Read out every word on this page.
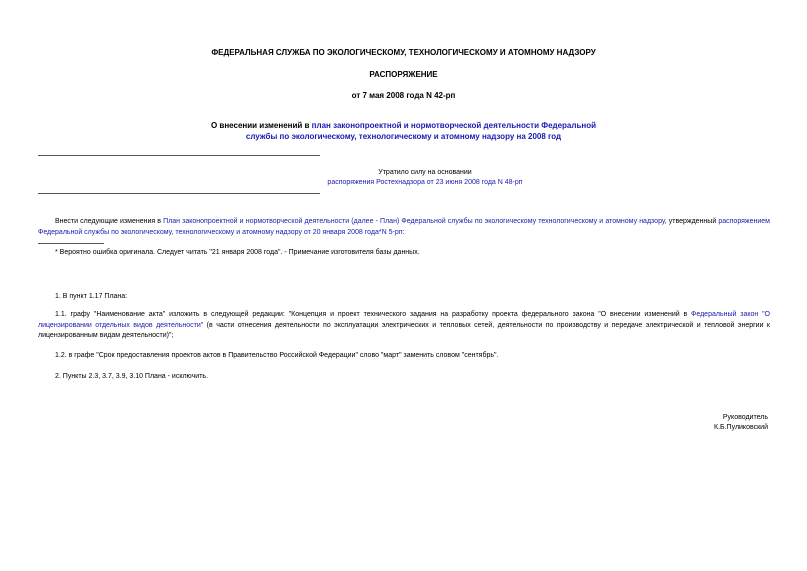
ФЕДЕРАЛЬНАЯ СЛУЖБА ПО ЭКОЛОГИЧЕСКОМУ, ТЕХНОЛОГИЧЕСКОМУ И АТОМНОМУ НАДЗОРУ
РАСПОРЯЖЕНИЕ
от 7 мая 2008 года N 42-рп
О внесении изменений в план законопроектной и нормотворческой деятельности Федеральной
службы по экологическому, технологическому и атомному надзору на 2008 год
Утратило силу на основании
распоряжения Ростехнадзора от 23 июня 2008 года N 48-рп
Внести следующие изменения в План законопроектной и нормотворческой деятельности (далее - План) Федеральной службы по экологическому технологическому и атомному надзору, утвержденный распоряжением Федеральной службы по экологическому, технологическому и атомному надзору от 20 января 2008 года*N 5-рп:
* Вероятно ошибка оригинала. Следует читать "21 января 2008 года". - Примечание изготовителя базы данных.
1. В пункт 1.17 Плана:
1.1. графу "Наименование акта" изложить в следующей редакции: "Концепция и проект технического задания на разработку проекта федерального закона "О внесении изменений в Федеральный закон "О лицензировании отдельных видов деятельности" (в части отнесения деятельности по эксплуатации электрических и тепловых сетей, деятельности по производству и передаче электрической и тепловой энергии к лицензированным видам деятельности)";
1.2. в графе "Срок предоставления проектов актов в Правительство Российской Федерации" слово "март" заменить словом "сентябрь".
2. Пункты 2.3, 3.7, 3.9, 3.10 Плана - исключить.
Руководитель
К.Б.Пуликовский
